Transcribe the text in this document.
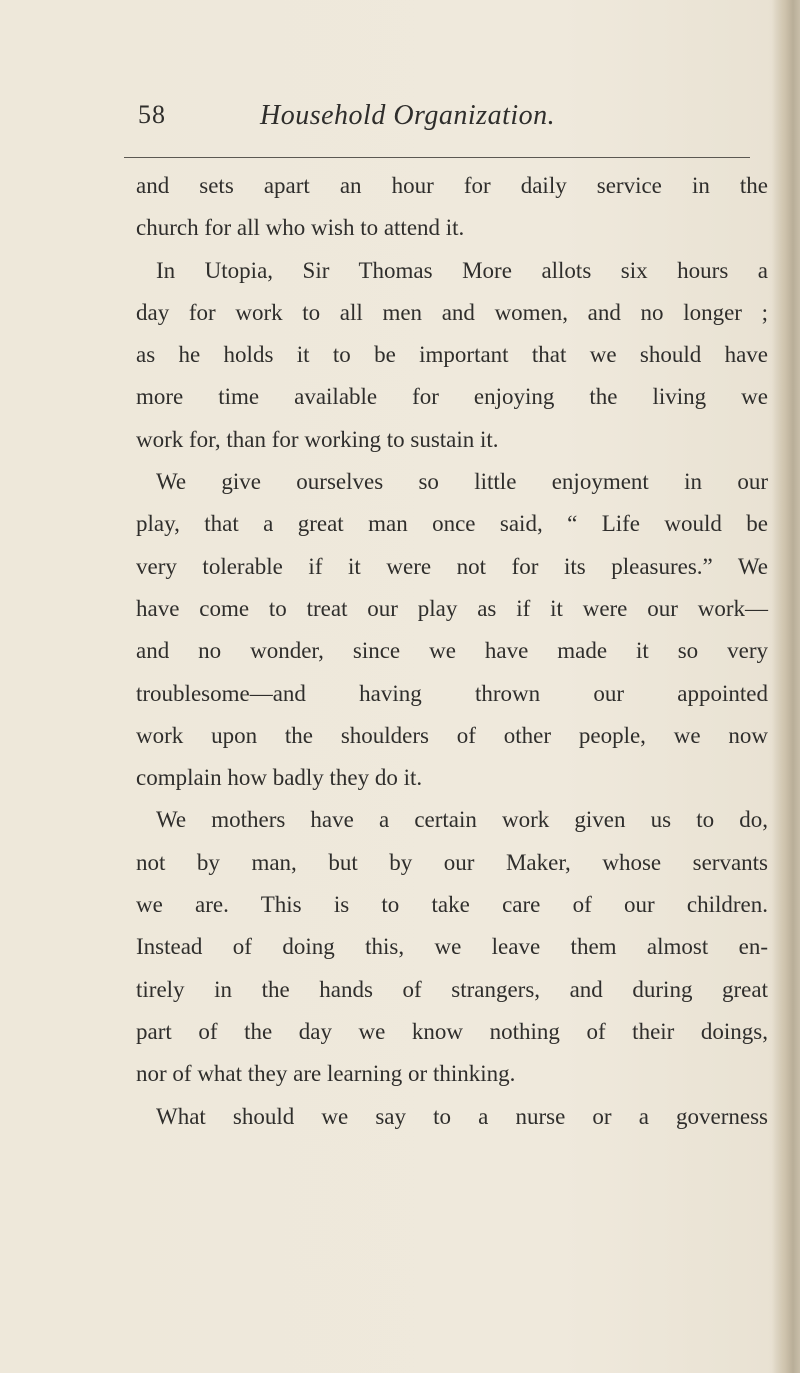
58	Household Organization.
and sets apart an hour for daily service in the
church for all who wish to attend it.
In Utopia, Sir Thomas More allots six hours a
day for work to all men and women, and no longer ;
as he holds it to be important that we should have
more time available for enjoying the living we
work for, than for working to sustain it.
We give ourselves so little enjoyment in our
play, that a great man once said, “ Life would be
very tolerable if it were not for its pleasures.” We
have come to treat our play as if it were our work—
and no wonder, since we have made it so very
troublesome—and having thrown our appointed
work upon the shoulders of other people, we now
complain how badly they do it.
We mothers have a certain work given us to do,
not by man, but by our Maker, whose servants
we are. This is to take care of our children.
Instead of doing this, we leave them almost en-
tirely in the hands of strangers, and during great
part of the day we know nothing of their doings,
nor of what they are learning or thinking.
What should we say to a nurse or a governess
